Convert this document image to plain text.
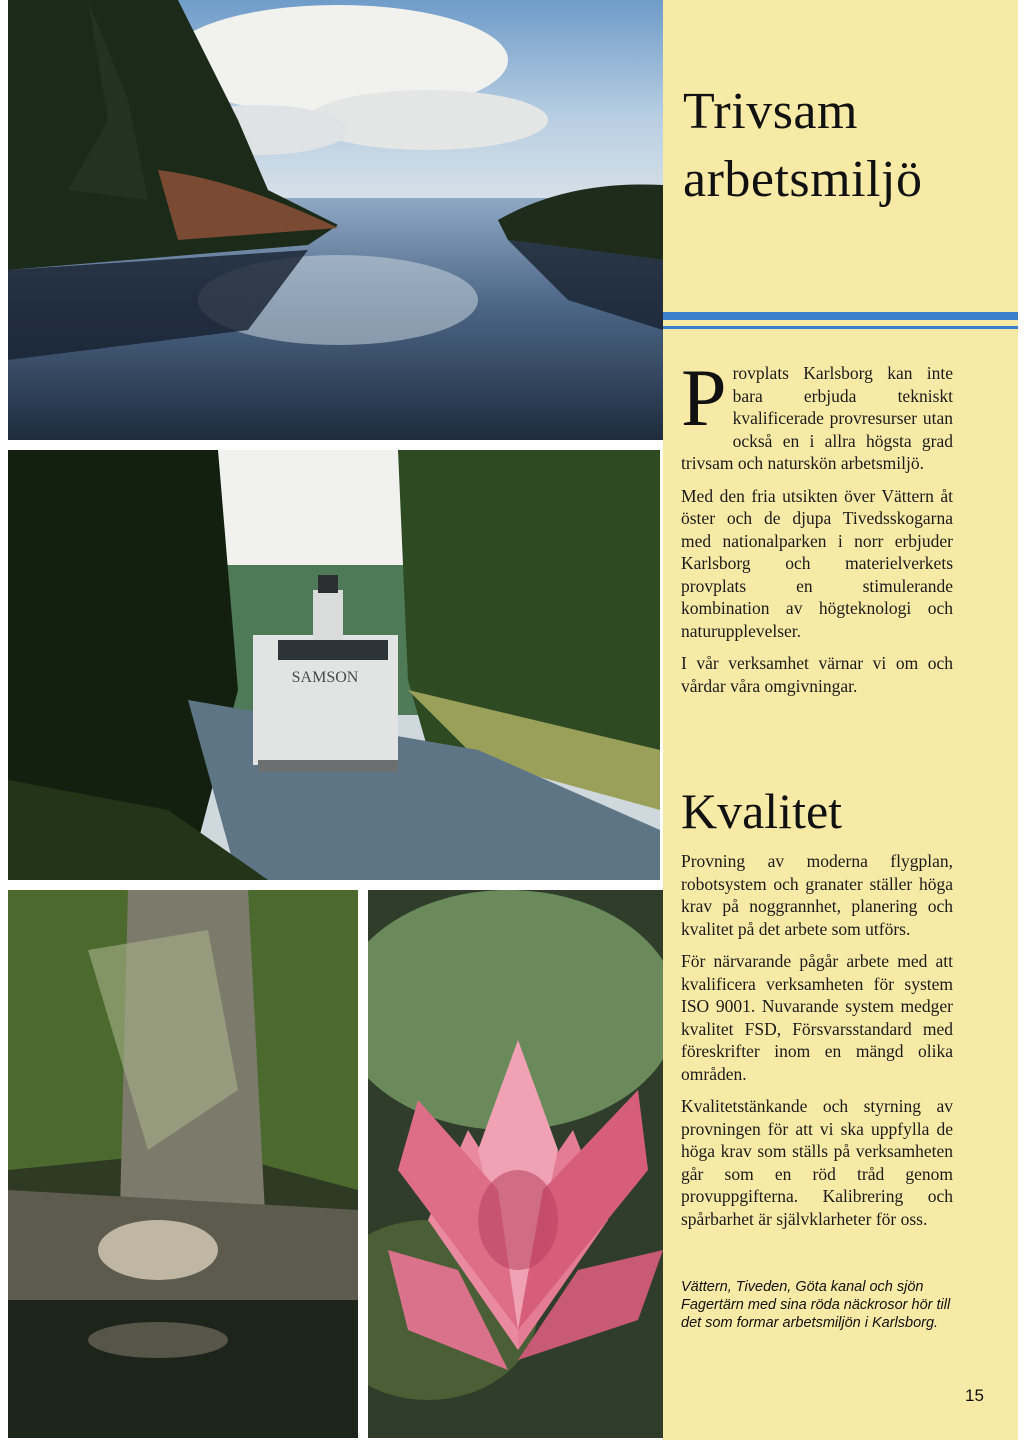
SAMSON
Trivsam
arbetsmiljö

Provplats Karlsborg kan inte bara erbjuda tekniskt kvalificerade provresurser utan också en i allra högsta grad trivsam och naturskön arbetsmiljö.

Med den fria utsikten över Vättern åt öster och de djupa Tivedsskogarna med nationalparken i norr erbjuder Karlsborg och materielverkets provplats en stimulerande kombination av högteknologi och naturupplevelser.

I vår verksamhet värnar vi om och vårdar våra omgivningar.

Kvalitet

Provning av moderna flygplan, robotsystem och granater ställer höga krav på noggrannhet, planering och kvalitet på det arbete som utförs.

För närvarande pågår arbete med att kvalificera verksamheten för system ISO 9001. Nuvarande system medger kvalitet FSD, Försvarsstandard med föreskrifter inom en mängd olika områden.

Kvalitetstänkande och styrning av provningen för att vi ska uppfylla de höga krav som ställs på verksamheten går som en röd tråd genom provuppgifterna. Kalibrering och spårbarhet är självklarheter för oss.

Vättern, Tiveden, Göta kanal och sjön Fagertärn med sina röda näckrosor hör till det som formar arbetsmiljön i Karlsborg.

15
